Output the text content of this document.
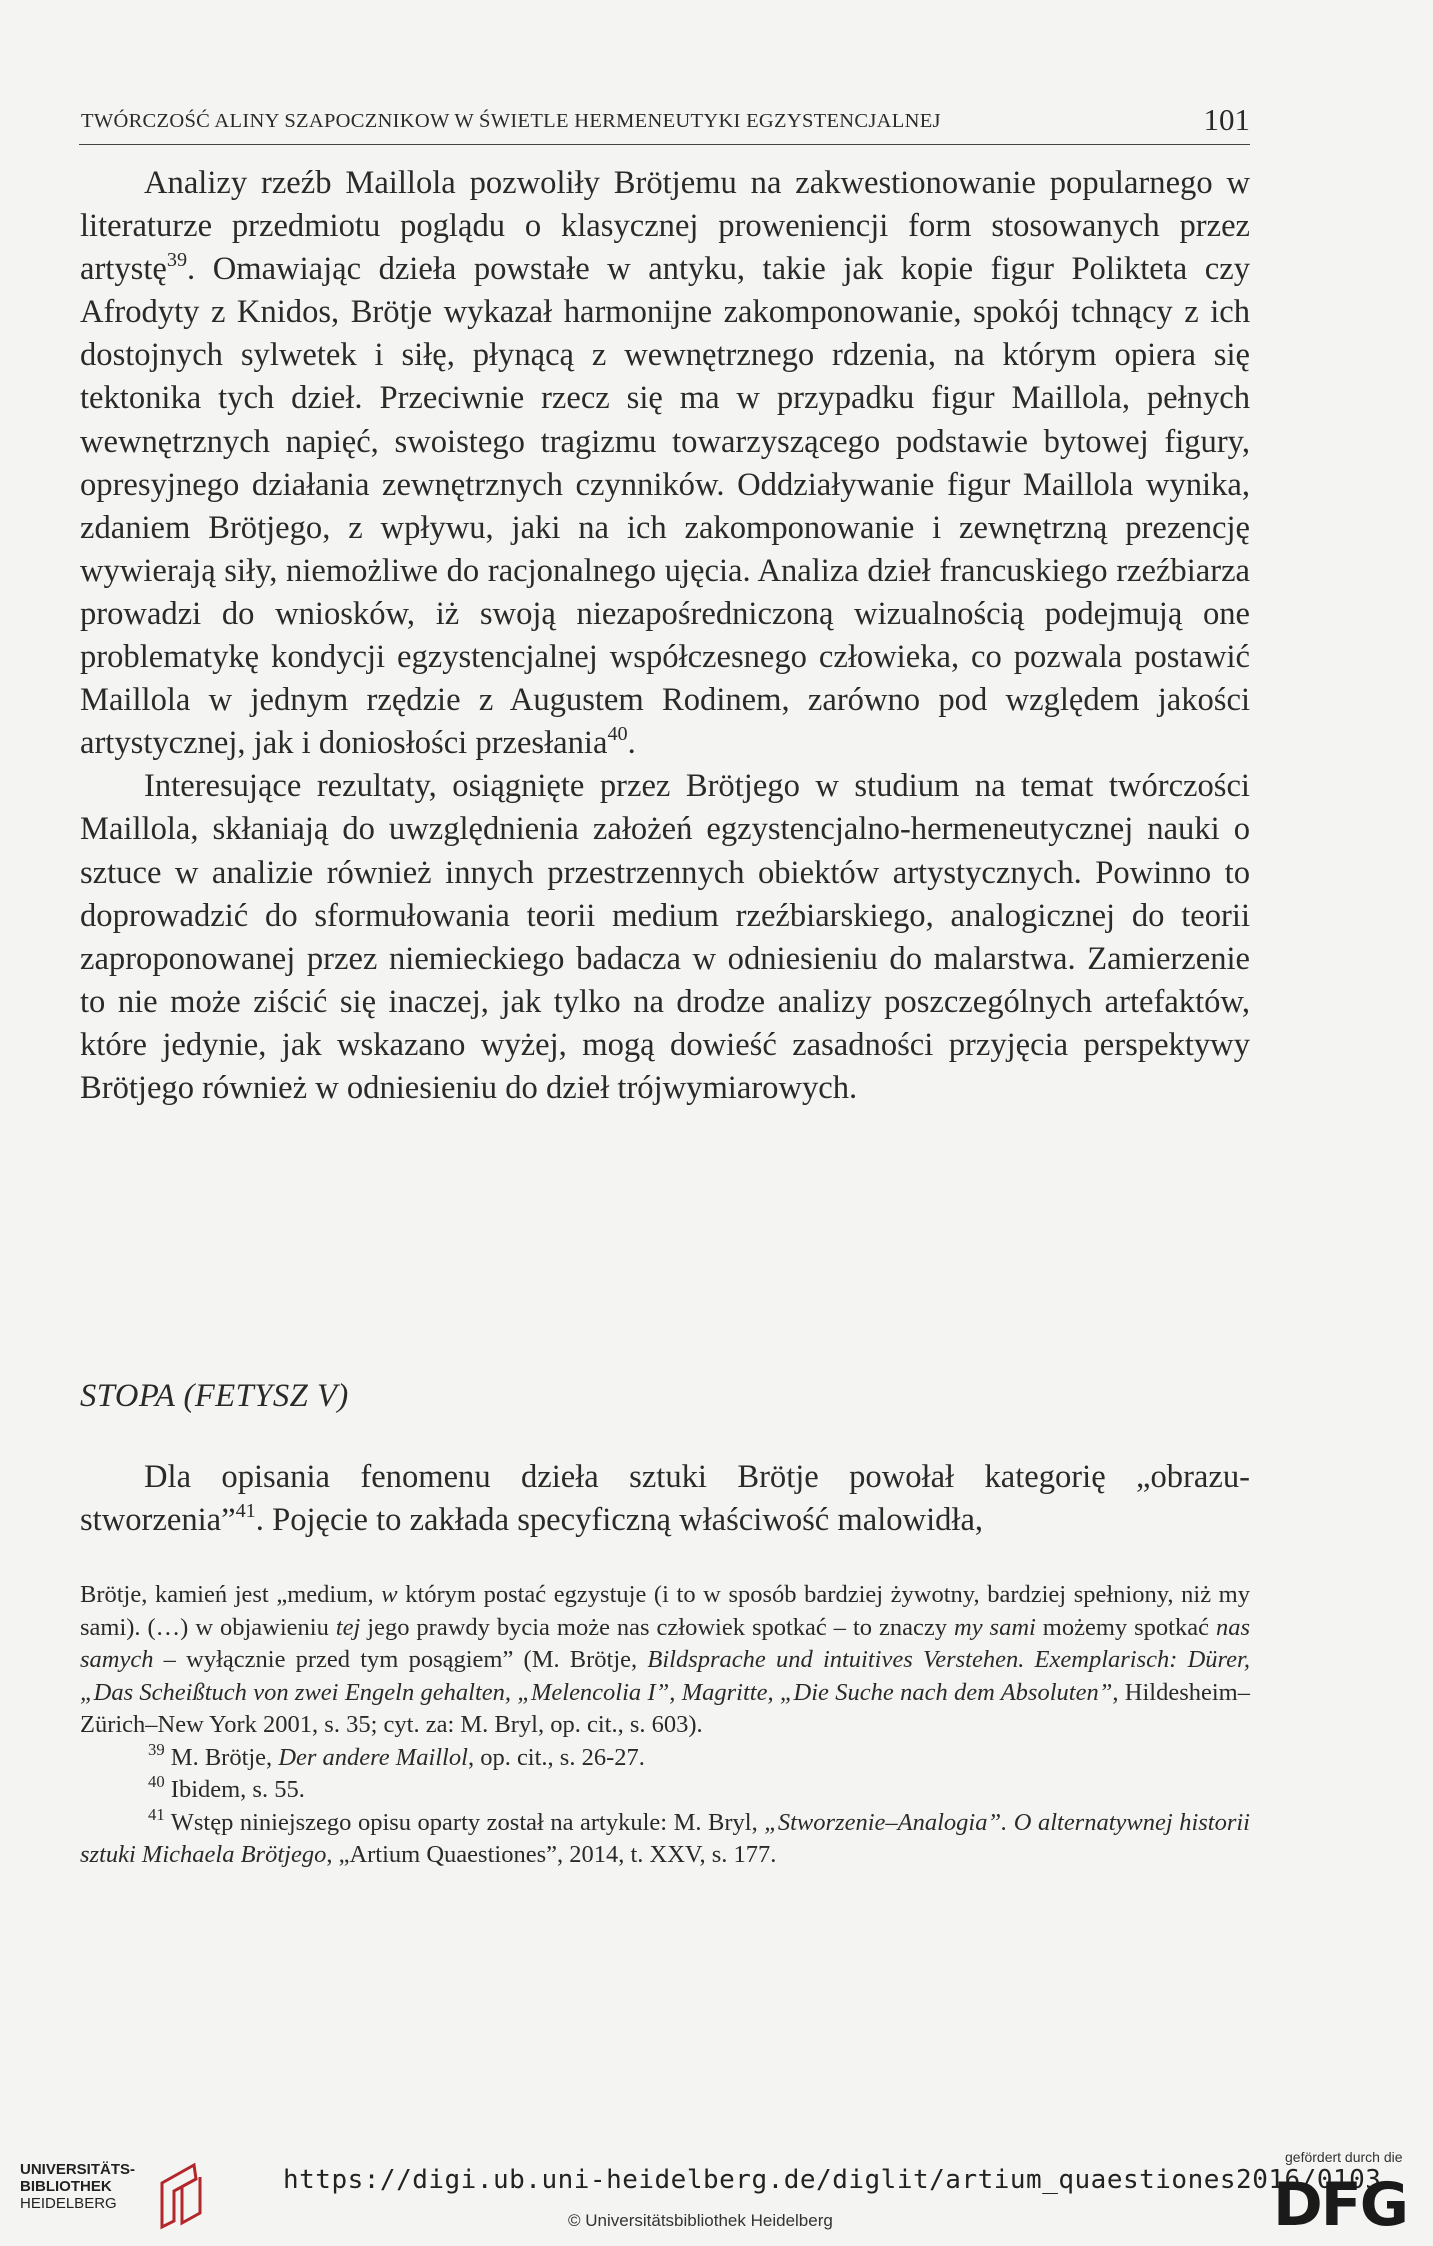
TWÓRCZOŚĆ ALINY SZAPOCZNIKOW W ŚWIETLE HERMENEUTYKI EGZYSTENCJALNEJ	101

Analizy rzeźb Maillola pozwoliły Brötjemu na zakwestionowanie popularnego w literaturze przedmiotu poglądu o klasycznej proweniencji form stosowanych przez artystę$^{39}$. Omawiając dzieła powstałe w antyku, takie jak kopie figur Polikteta czy Afrodyty z Knidos, Brötje wykazał harmonijne zakomponowanie, spokój tchnący z ich dostojnych sylwetek i siłę, płynącą z wewnętrznego rdzenia, na którym opiera się tektonika tych dzieł. Przeciwnie rzecz się ma w przypadku figur Maillola, pełnych wewnętrznych napięć, swoistego tragizmu towarzyszącego podstawie bytowej figury, opresyjnego działania zewnętrznych czynników. Oddziaływanie figur Maillola wynika, zdaniem Brötjego, z wpływu, jaki na ich zakomponowanie i zewnętrzną prezencję wywierają siły, niemożliwe do racjonalnego ujęcia. Analiza dzieł francuskiego rzeźbiarza prowadzi do wniosków, iż swoją niezapośredniczoną wizualnością podejmują one problematykę kondycji egzystencjalnej współczesnego człowieka, co pozwala postawić Maillola w jednym rzędzie z Augustem Rodinem, zarówno pod względem jakości artystycznej, jak i doniosłości przesłania$^{40}$.

Interesujące rezultaty, osiągnięte przez Brötjego w studium na temat twórczości Maillola, skłaniają do uwzględnienia założeń egzystencjalno-hermeneutycznej nauki o sztuce w analizie również innych przestrzennych obiektów artystycznych. Powinno to doprowadzić do sformułowania teorii medium rzeźbiarskiego, analogicznej do teorii zaproponowanej przez niemieckiego badacza w odniesieniu do malarstwa. Zamierzenie to nie może ziścić się inaczej, jak tylko na drodze analizy poszczególnych artefaktów, które jedynie, jak wskazano wyżej, mogą dowieść zasadności przyjęcia perspektywy Brötjego również w odniesieniu do dzieł trójwymiarowych.

STOPA (FETYSZ V)

Dla opisania fenomenu dzieła sztuki Brötje powołał kategorię „obrazu-stworzenia”$^{41}$. Pojęcie to zakłada specyficzną właściwość malowidła,

Brötje, kamień jest „medium, w którym postać egzystuje (i to w sposób bardziej żywotny, bardziej spełniony, niż my sami). (…) w objawieniu tej jego prawdy bycia może nas człowiek spotkać – to znaczy my sami możemy spotkać nas samych – wyłącznie przed tym posągiem” (M. Brötje, Bildsprache und intuitives Verstehen. Exemplarisch: Dürer, „Das Scheißtuch von zwei Engeln gehalten, „Melencolia I”, Magritte, „Die Suche nach dem Absoluten”, Hildesheim–Zürich–New York 2001, s. 35; cyt. za: M. Bryl, op. cit., s. 603).

$^{39}$ M. Brötje, Der andere Maillol, op. cit., s. 26-27.

$^{40}$ Ibidem, s. 55.

$^{41}$ Wstęp niniejszego opisu oparty został na artykule: M. Bryl, „Stworzenie–Analogia”. O alternatywnej historii sztuki Michaela Brötjego, „Artium Quaestiones”, 2014, t. XXV, s. 177.

UNIVERSITÄTS-
BIBLIOTHEK
HEIDELBERG
https://digi.ub.uni-heidelberg.de/diglit/artium_quaestiones2016/0103
© Universitätsbibliothek Heidelberg
gefördert durch die
DFG
